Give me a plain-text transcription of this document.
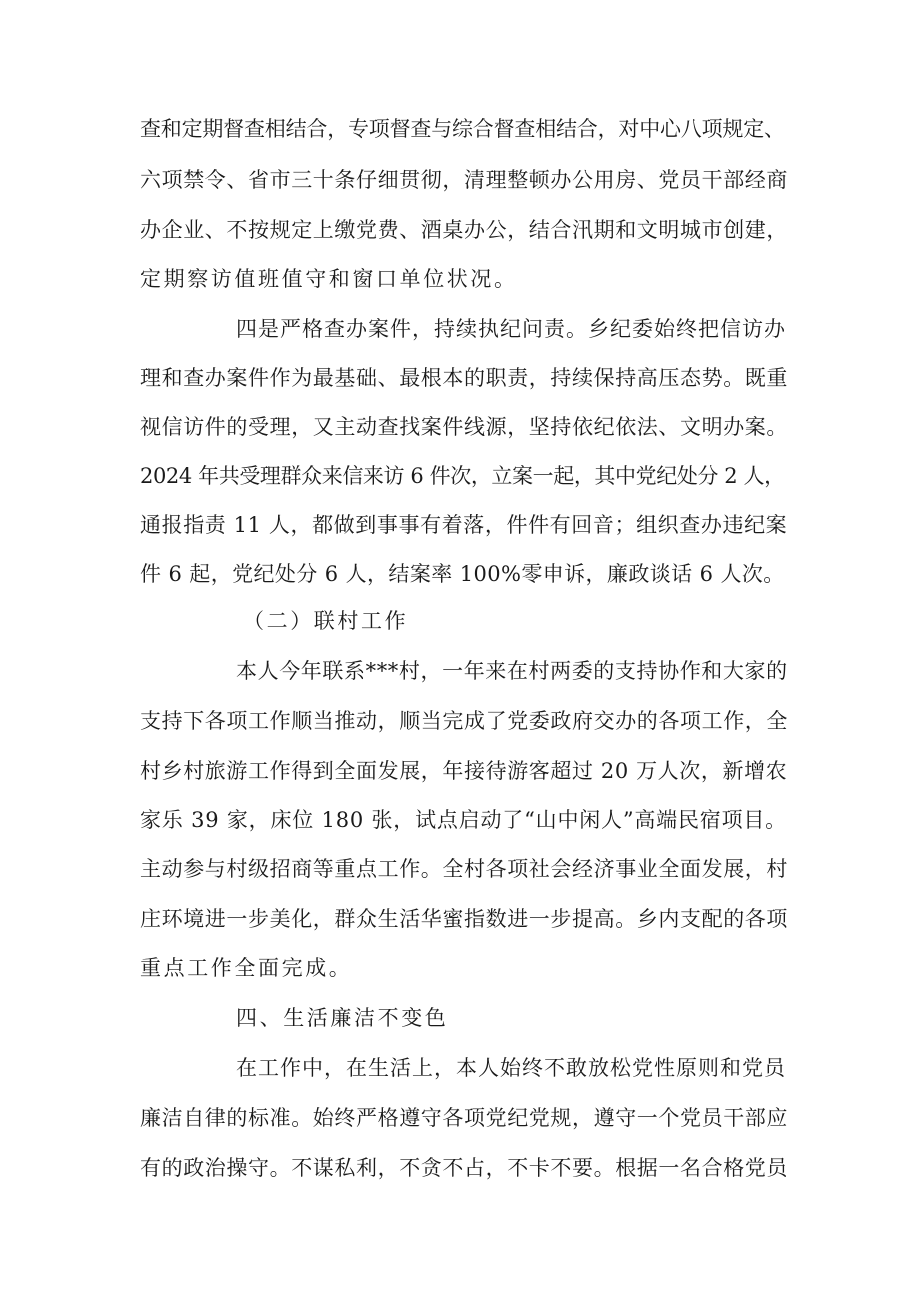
查和定期督查相结合，专项督查与综合督查相结合，对中心八项规定、
六项禁令、省市三十条仔细贯彻，清理整顿办公用房、党员干部经商
办企业、不按规定上缴党费、酒桌办公，结合汛期和文明城市创建，
定期察访值班值守和窗口单位状况。
四是严格查办案件，持续执纪问责。乡纪委始终把信访办
理和查办案件作为最基础、最根本的职责，持续保持高压态势。既重
视信访件的受理，又主动查找案件线源，坚持依纪依法、文明办案。
2024 年共受理群众来信来访 6 件次，立案一起，其中党纪处分 2 人，
通报指责 11 人，都做到事事有着落，件件有回音；组织查办违纪案
件 6 起，党纪处分 6 人，结案率 100%零申诉，廉政谈话 6 人次。
（二）联村工作
本人今年联系***村，一年来在村两委的支持协作和大家的
支持下各项工作顺当推动，顺当完成了党委政府交办的各项工作，全
村乡村旅游工作得到全面发展，年接待游客超过 20 万人次，新增农
家乐 39 家，床位 180 张，试点启动了“山中闲人”高端民宿项目。
主动参与村级招商等重点工作。全村各项社会经济事业全面发展，村
庄环境进一步美化，群众生活华蜜指数进一步提高。乡内支配的各项
重点工作全面完成。
四、生活廉洁不变色
在工作中，在生活上，本人始终不敢放松党性原则和党员
廉洁自律的标准。始终严格遵守各项党纪党规，遵守一个党员干部应
有的政治操守。不谋私利，不贪不占，不卡不要。根据一名合格党员
